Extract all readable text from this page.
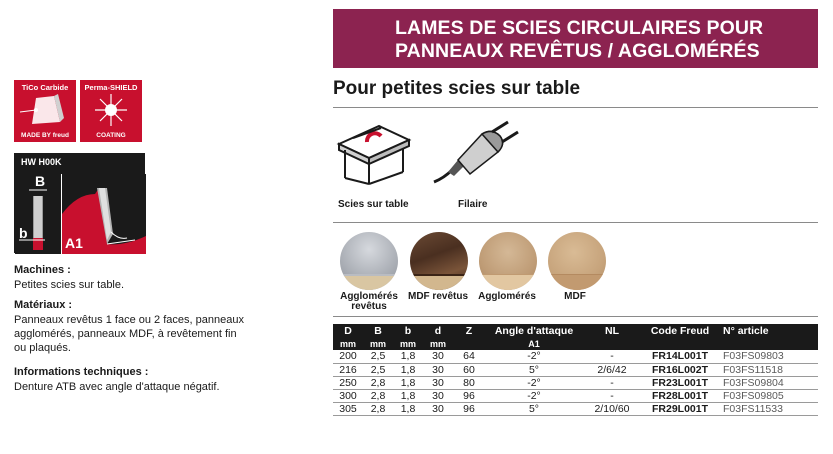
TiCo Carbide
MADE BY freud
Perma-SHIELD
COATING
HW H00K
B
b
A1
Machines :

Petites scies sur table.

Matériaux :

Panneaux revêtus 1 face ou 2 faces, panneaux

agglomérés, panneaux MDF, à revêtement fin

ou plaqués.

Informations techniques :

Denture ATB avec angle d'attaque négatif.

LAMES DE SCIES CIRCULAIRES POUR
PANNEAUX REVÊTUS / AGGLOMÉRÉS
Pour petites scies sur table
Scies sur table	Filaire
Agglomérés
revêtus
MDF revêtus	Agglomérés	MDF
D	B	b	d	Z	Angle d'attaque	NL	Code Freud	N° article
mm	mm	mm	mm		A1			
200	2,5	1,8	30	64	-2°	-	FR14L001T	F03FS09803
216	2,5	1,8	30	60	5°	2/6/42	FR16L002T	F03FS11518
250	2,8	1,8	30	80	-2°	-	FR23L001T	F03FS09804
300	2,8	1,8	30	96	-2°	-	FR28L001T	F03FS09805
305	2,8	1,8	30	96	5°	2/10/60	FR29L001T	F03FS11533
